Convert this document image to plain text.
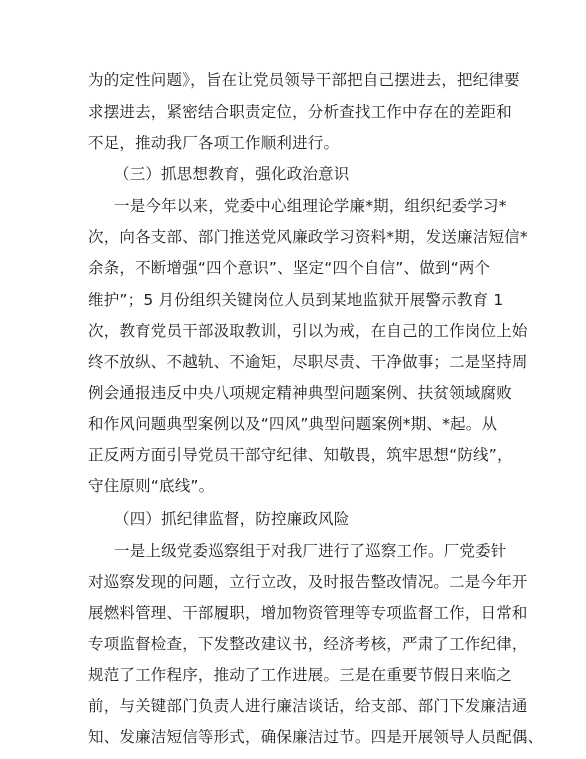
为的定性问题》，旨在让党员领导干部把自己摆进去，把纪律要
求摆进去，紧密结合职责定位，分析查找工作中存在的差距和
不足，推动我厂各项工作顺利进行。
（三）抓思想教育，强化政治意识
一是今年以来，党委中心组理论学廉*期，组织纪委学习*
次，向各支部、部门推送党风廉政学习资料*期，发送廉洁短信*
余条，不断增强“四个意识”、坚定“四个自信”、做到“两个
维护”；5 月份组织关键岗位人员到某地监狱开展警示教育 1
次，教育党员干部汲取教训，引以为戒，在自己的工作岗位上始
终不放纵、不越轨、不逾矩，尽职尽责、干净做事；二是坚持周
例会通报违反中央八项规定精神典型问题案例、扶贫领域腐败
和作风问题典型案例以及“四风”典型问题案例*期、*起。从
正反两方面引导党员干部守纪律、知敬畏，筑牢思想“防线”，
守住原则“底线”。
（四）抓纪律监督，防控廉政风险
一是上级党委巡察组于对我厂进行了巡察工作。厂党委针
对巡察发现的问题，立行立改，及时报告整改情况。二是今年开
展燃料管理、干部履职，增加物资管理等专项监督工作，日常和
专项监督检查，下发整改建议书，经济考核，严肃了工作纪律，
规范了工作程序，推动了工作进展。三是在重要节假日来临之
前，与关键部门负责人进行廉洁谈话，给支部、部门下发廉洁通
知、发廉洁短信等形式，确保廉洁过节。四是开展领导人员配偶、
